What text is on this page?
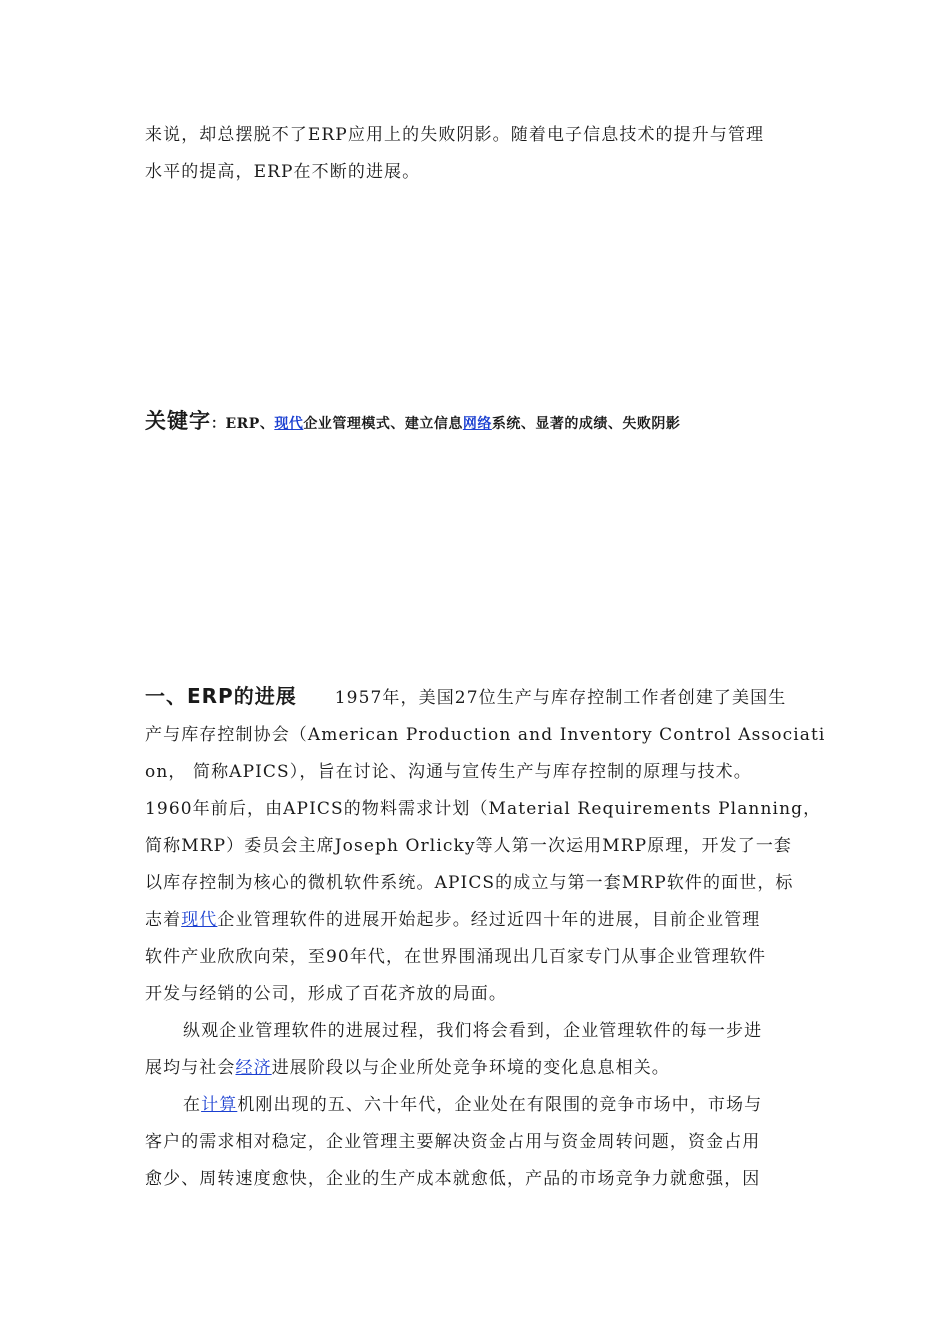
来说，却总摆脱不了ERP应用上的失败阴影。随着电子信息技术的提升与管理
水平的提高，ERP在不断的进展。
关键字：ERP、现代企业管理模式、建立信息网络系统、显著的成绩、失败阴影
一、ERP的进展 1957年，美国27位生产与库存控制工作者创建了美国生
产与库存控制协会（American Production and Inventory Control Associati
on， 简称APICS），旨在讨论、沟通与宣传生产与库存控制的原理与技术。
1960年前后，由APICS的物料需求计划（Material Requirements Planning，
简称MRP）委员会主席Joseph Orlicky等人第一次运用MRP原理，开发了一套
以库存控制为核心的微机软件系统。APICS的成立与第一套MRP软件的面世，标
志着现代企业管理软件的进展开始起步。经过近四十年的进展，目前企业管理
软件产业欣欣向荣，至90年代，在世界围涌现出几百家专门从事企业管理软件
开发与经销的公司，形成了百花齐放的局面。
纵观企业管理软件的进展过程，我们将会看到，企业管理软件的每一步进
展均与社会经济进展阶段以与企业所处竞争环境的变化息息相关。
在计算机刚出现的五、六十年代，企业处在有限围的竞争市场中，市场与
客户的需求相对稳定，企业管理主要解决资金占用与资金周转问题，资金占用
愈少、周转速度愈快，企业的生产成本就愈低，产品的市场竞争力就愈强，因
